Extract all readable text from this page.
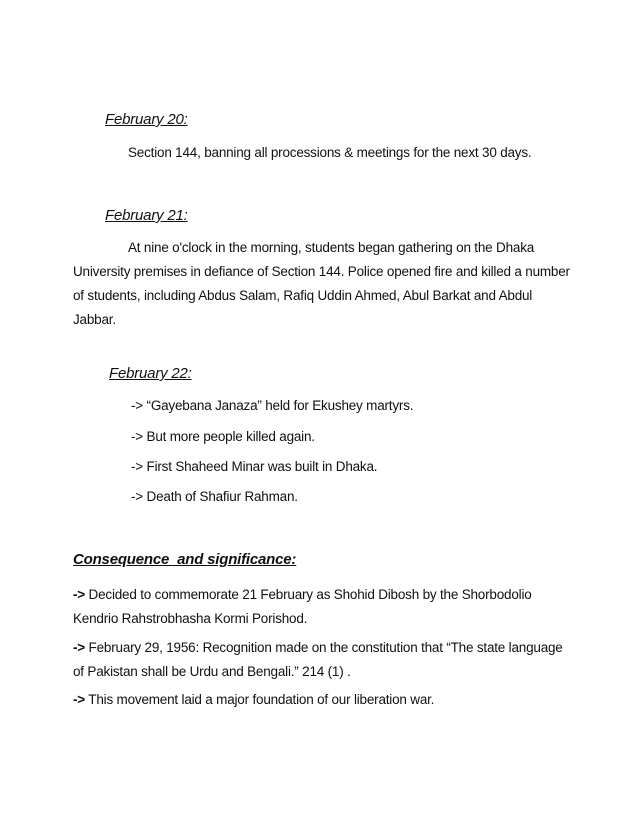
February 20:
Section 144, banning all processions & meetings for the next 30 days.
February 21:
At nine o'clock in the morning, students began gathering on the Dhaka University premises in defiance of Section 144. Police opened fire and killed a number of students, including Abdus Salam, Rafiq Uddin Ahmed, Abul Barkat and Abdul Jabbar.
February 22:
-> “Gayebana Janaza” held for Ekushey martyrs.
-> But more people killed again.
-> First Shaheed Minar was built in Dhaka.
-> Death of Shafiur Rahman.
Consequence  and significance:
-> Decided to commemorate 21 February as Shohid Dibosh by the Shorbodolio Kendrio Rahstrobhasha Kormi Porishod.
-> February 29, 1956: Recognition made on the constitution that “The state language of Pakistan shall be Urdu and Bengali.” 214 (1) .
-> This movement laid a major foundation of our liberation war.
